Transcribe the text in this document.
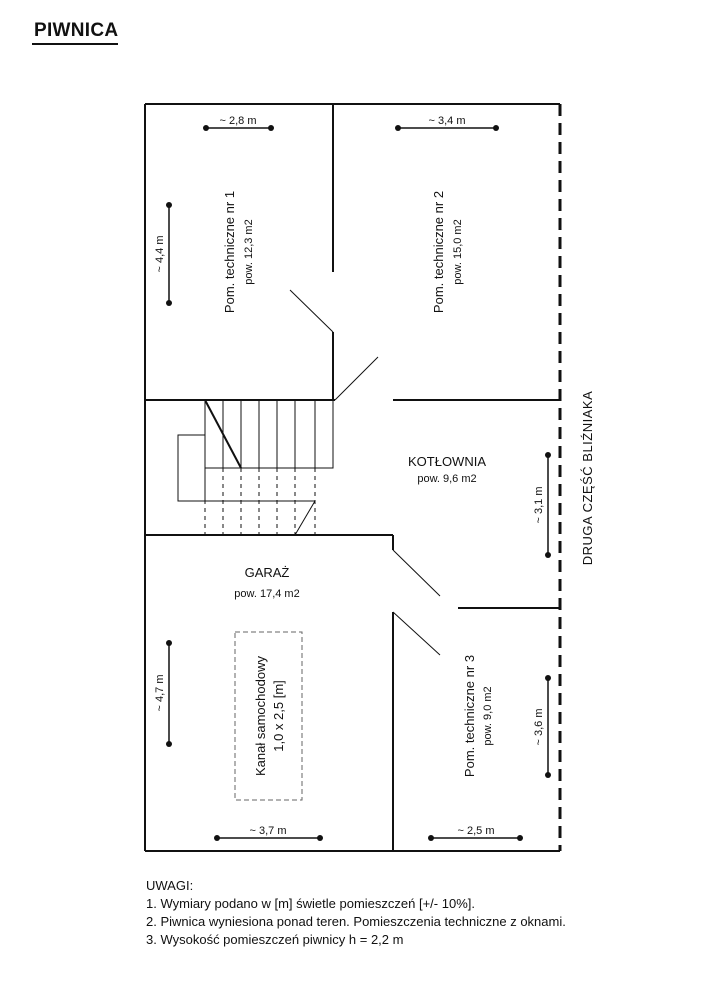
PIWNICA
Pom. techniczne nr 1 pow. 12,3 m2	Pom. techniczne nr 2 pow. 15,0 m2
KOTŁOWNIA
pow. 9,6 m2
GARAŻ
pow. 17,4 m2
Pom. techniczne nr 3 pow. 9,0 m2
Kanał samochodowy 1,0 x 2,5 [m]
~ 2,8 m	~ 3,4 m
~ 4,4 m
~ 3,1 m
~ 4,7 m
~ 3,6 m
~ 3,7 m	~ 2,5 m
DRUGA CZĘŚĆ BLIŹNIAKA
UWAGI:
1. Wymiary podano w [m] świetle pomieszczeń [+/- 10%].
2. Piwnica wyniesiona ponad teren. Pomieszczenia techniczne z oknami.
3. Wysokość pomieszczeń piwnicy h = 2,2 m
